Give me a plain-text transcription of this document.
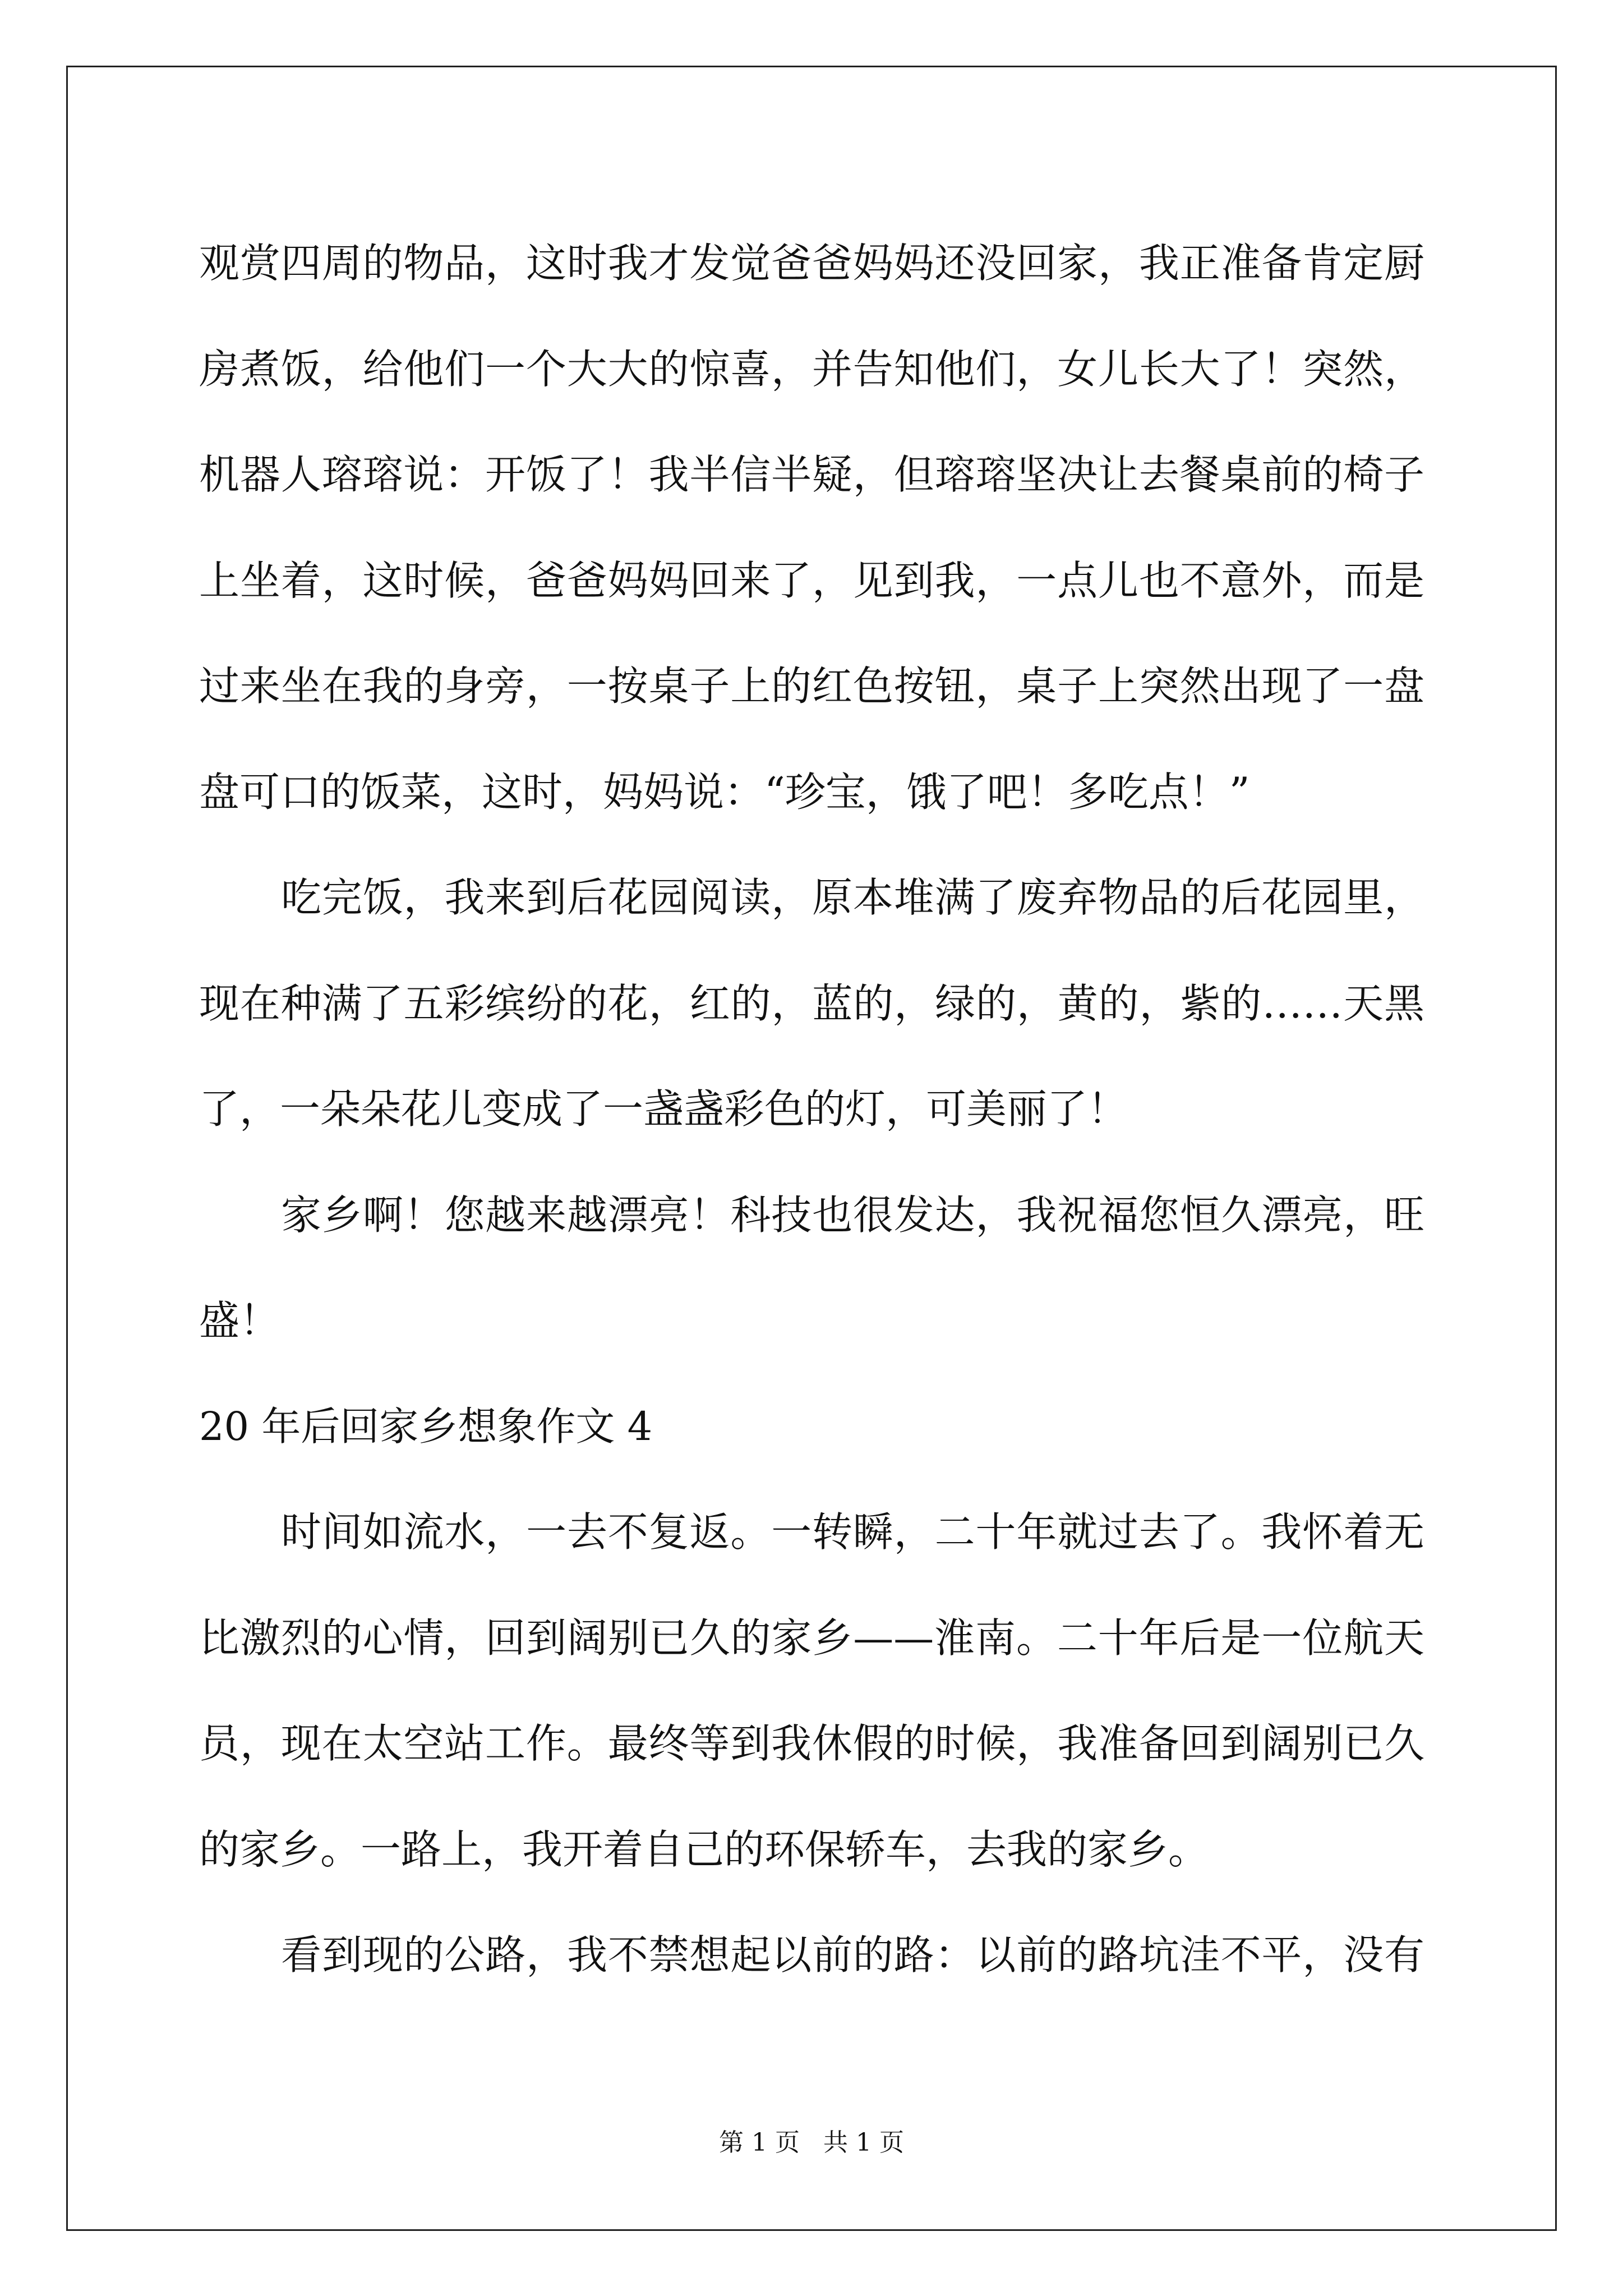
观赏四周的物品，这时我才发觉爸爸妈妈还没回家，我正准备肯定厨
房煮饭，给他们一个大大的惊喜，并告知他们，女儿长大了！突然，
机器人瑢瑢说：开饭了！我半信半疑，但瑢瑢坚决让去餐桌前的椅子
上坐着，这时候，爸爸妈妈回来了，见到我，一点儿也不意外，而是
过来坐在我的身旁，一按桌子上的红色按钮，桌子上突然出现了一盘
盘可口的饭菜，这时，妈妈说：“珍宝，饿了吧！多吃点！”
吃完饭，我来到后花园阅读，原本堆满了废弃物品的后花园里，
现在种满了五彩缤纷的花，红的，蓝的，绿的，黄的，紫的……天黑
了，一朵朵花儿变成了一盏盏彩色的灯，可美丽了！
家乡啊！您越来越漂亮！科技也很发达，我祝福您恒久漂亮，旺
盛！
20 年后回家乡想象作文 4
时间如流水，一去不复返。一转瞬，二十年就过去了。我怀着无
比激烈的心情，回到阔别已久的家乡——淮南。二十年后是一位航天
员，现在太空站工作。最终等到我休假的时候，我准备回到阔别已久
的家乡。一路上，我开着自己的环保轿车，去我的家乡。
看到现的公路，我不禁想起以前的路：以前的路坑洼不平，没有
第 1 页 共 1 页
